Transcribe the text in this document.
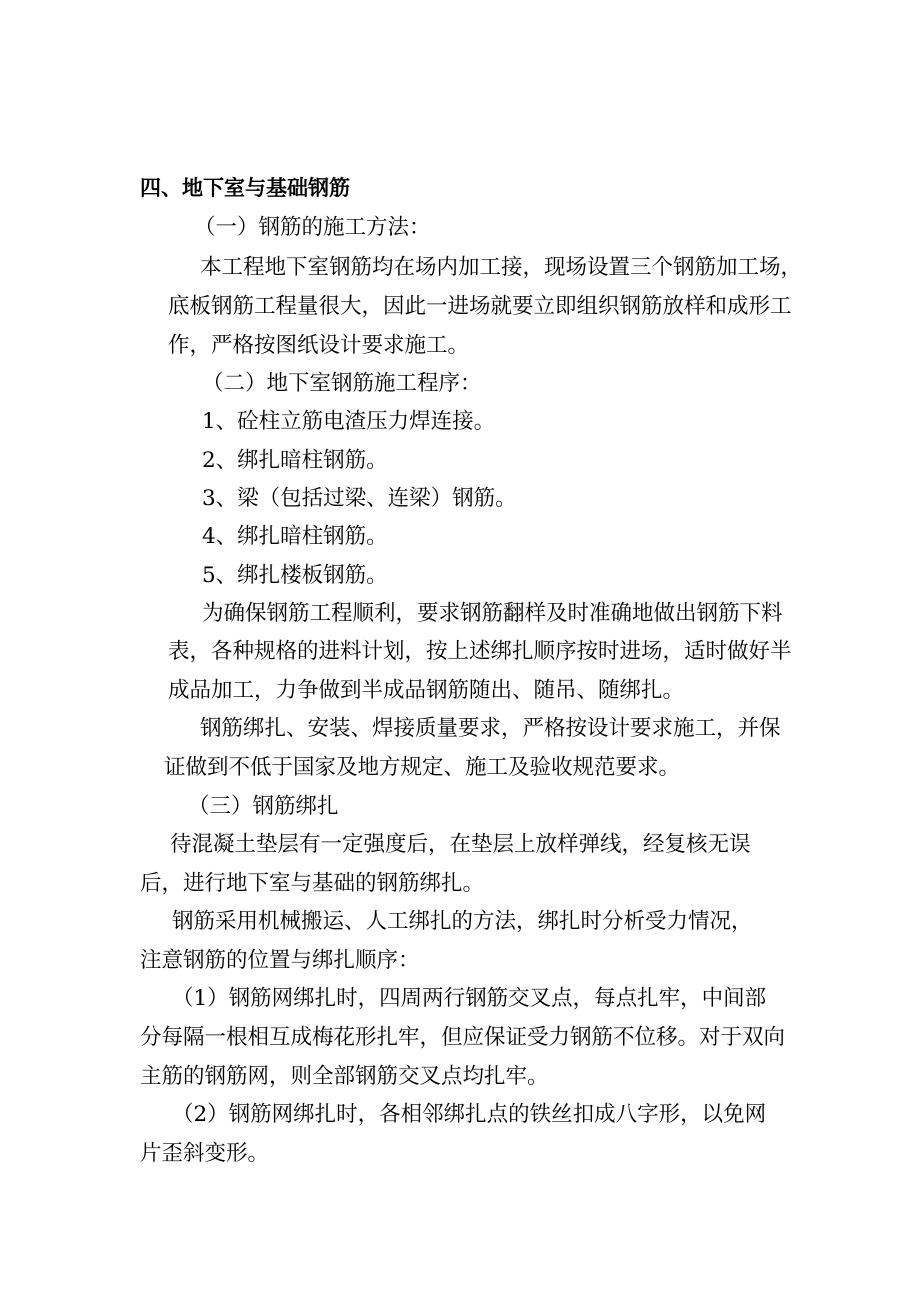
四、地下室与基础钢筋

（一）钢筋的施工方法：

本工程地下室钢筋均在场内加工接，现场设置三个钢筋加工场，

底板钢筋工程量很大，因此一进场就要立即组织钢筋放样和成形工

作，严格按图纸设计要求施工。

（二）地下室钢筋施工程序：

1、砼柱立筋电渣压力焊连接。

2、绑扎暗柱钢筋。

3、梁（包括过梁、连梁）钢筋。

4、绑扎暗柱钢筋。

5、绑扎楼板钢筋。

为确保钢筋工程顺利，要求钢筋翻样及时准确地做出钢筋下料

表，各种规格的进料计划，按上述绑扎顺序按时进场，适时做好半

成品加工，力争做到半成品钢筋随出、随吊、随绑扎。

钢筋绑扎、安装、焊接质量要求，严格按设计要求施工，并保

证做到不低于国家及地方规定、施工及验收规范要求。

（三）钢筋绑扎

待混凝土垫层有一定强度后，在垫层上放样弹线，经复核无误

后，进行地下室与基础的钢筋绑扎。

钢筋采用机械搬运、人工绑扎的方法，绑扎时分析受力情况，

注意钢筋的位置与绑扎顺序：

（1）钢筋网绑扎时，四周两行钢筋交叉点，每点扎牢，中间部

分每隔一根相互成梅花形扎牢，但应保证受力钢筋不位移。对于双向

主筋的钢筋网，则全部钢筋交叉点均扎牢。

（2）钢筋网绑扎时，各相邻绑扎点的铁丝扣成八字形，以免网

片歪斜变形。
